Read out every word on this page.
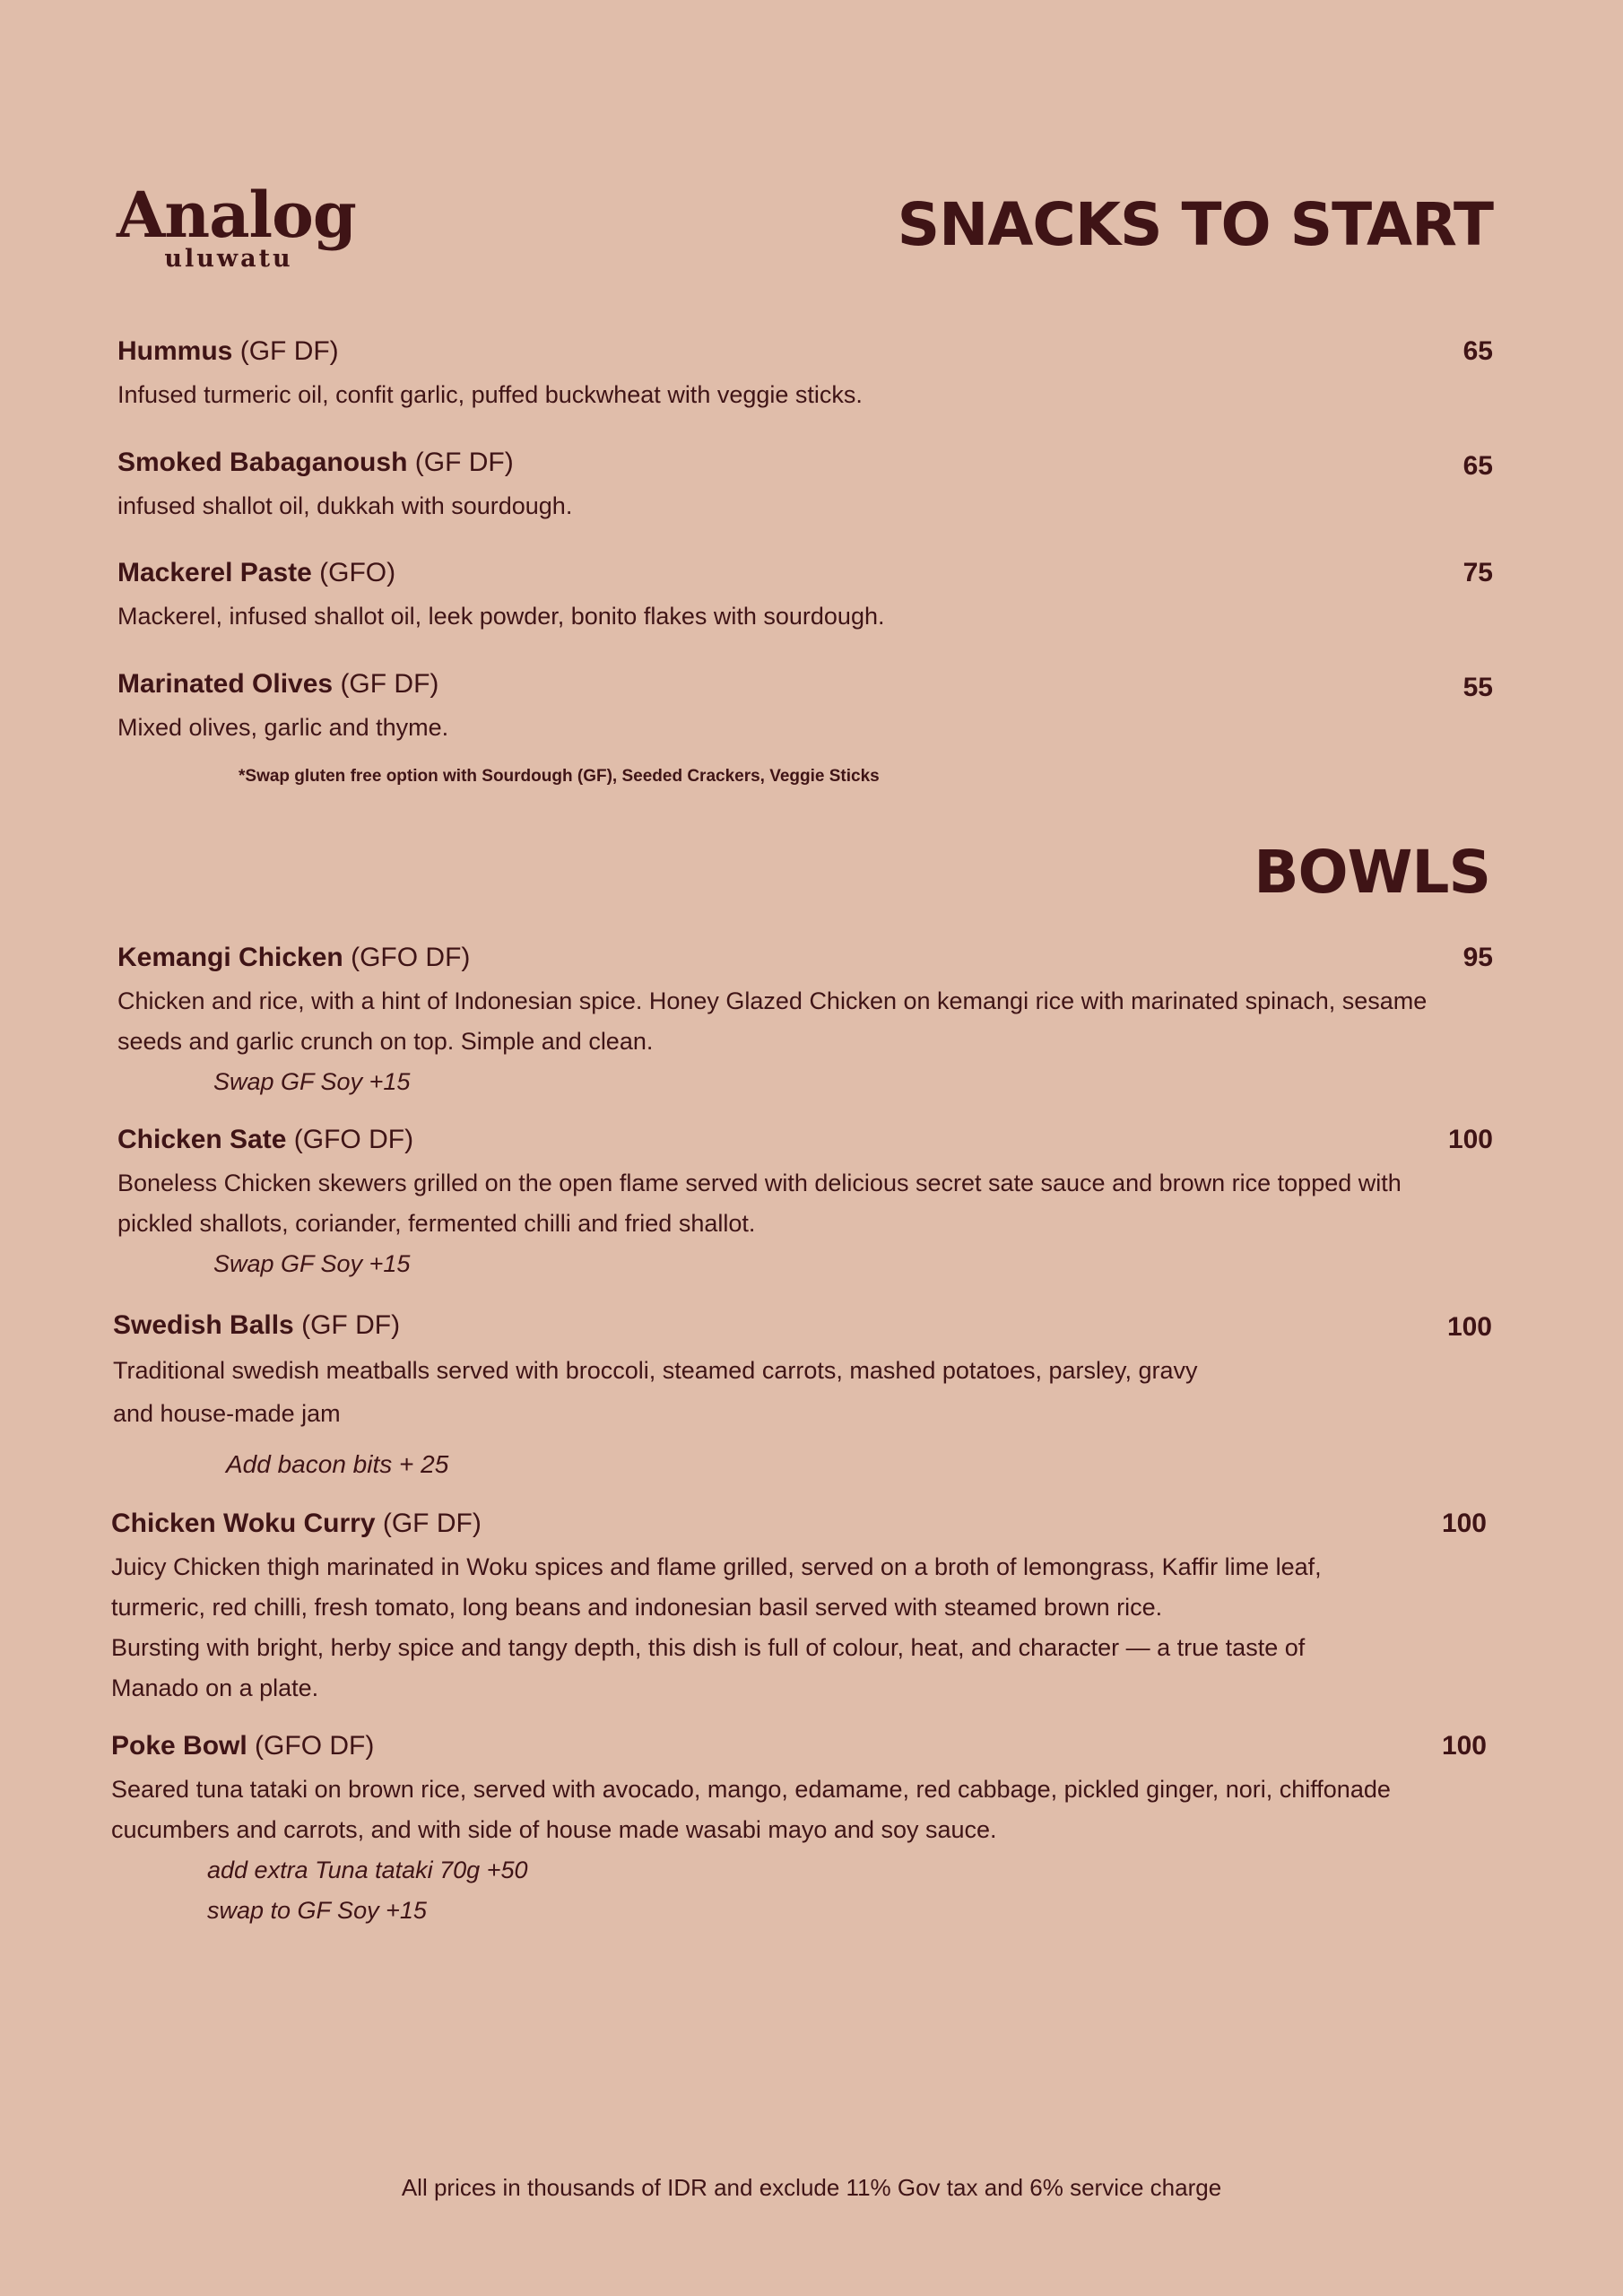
Analog
uluwatu	SNACKS TO START
Hummus (GF DF)	65
Infused turmeric oil, confit garlic, puffed buckwheat with veggie sticks.
Smoked Babaganoush (GF DF)	65
infused shallot oil, dukkah with sourdough.
Mackerel Paste (GFO)	75
Mackerel, infused shallot oil, leek powder, bonito flakes with sourdough.
Marinated Olives (GF DF)	55
Mixed olives, garlic and thyme.
*Swap gluten free option with Sourdough (GF), Seeded Crackers, Veggie Sticks
BOWLS
Kemangi Chicken (GFO DF)	95
Chicken and rice, with a hint of Indonesian spice. Honey Glazed Chicken on kemangi rice with marinated spinach, sesame
seeds and garlic crunch on top. Simple and clean.
Swap GF Soy +15
Chicken Sate (GFO DF)	100
Boneless Chicken skewers grilled on the open flame served with delicious secret sate sauce and brown rice topped with
pickled shallots, coriander, fermented chilli and fried shallot.
Swap GF Soy +15
Swedish Balls (GF DF)	100
Traditional swedish meatballs served with broccoli, steamed carrots, mashed potatoes, parsley, gravy
and house-made jam
Add bacon bits + 25
Chicken Woku Curry (GF DF)	100
Juicy Chicken thigh marinated in Woku spices and flame grilled, served on a broth of lemongrass, Kaffir lime leaf,
turmeric, red chilli, fresh tomato, long beans and indonesian basil served with steamed brown rice.
Bursting with bright, herby spice and tangy depth, this dish is full of colour, heat, and character — a true taste of
Manado on a plate.
Poke Bowl (GFO DF)	100
Seared tuna tataki on brown rice, served with avocado, mango, edamame, red cabbage, pickled ginger, nori, chiffonade
cucumbers and carrots, and with side of house made wasabi mayo and soy sauce.
add extra Tuna tataki 70g +50
swap to GF Soy +15
All prices in thousands of IDR and exclude 11% Gov tax and 6% service charge
